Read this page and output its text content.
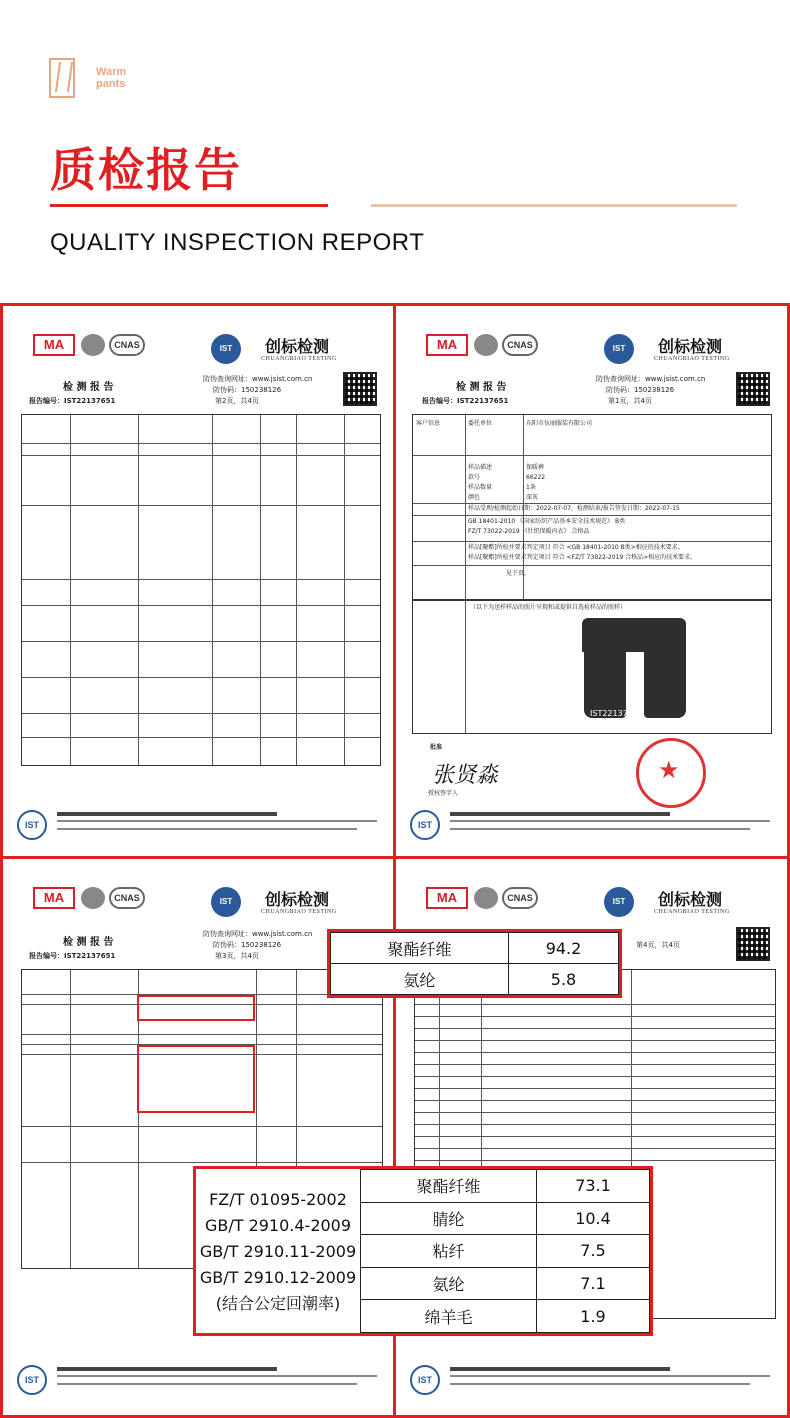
Warm
pants
质检报告
QUALITY INSPECTION REPORT
MA	CNAS	IST	创标检测
CHUANGBIAO TESTING
检 测 报 告
报告编号：IST22137651
防伪查询网址：www.jsist.com.cn
防伪码：150238126
第2页，共4页
IST
MA	CNAS	IST	创标检测
CHUANGBIAO TESTING
检 测 报 告
报告编号：IST22137651
防伪查询网址：www.jsist.com.cn
防伪码：150238126
第1页，共4页
客户信息	委托单位	东阳市伍丽服装有限公司
样品描述	保暖裤
款号	66222
样品数量	1条
颜色	深灰
样品受理/检测起始日期：2022-07-07，检测结束/报告签发日期：2022-07-15
GB 18401-2010 《国家纺织产品基本安全技术规范》 B类
FZ/T 73022-2019 《针织保暖内衣》 合格品
样品[聚酯]所检并要求判定项目 符合 <GB 18401-2010 B类>相应的技术要求。
样品[聚酯]所检并要求判定项目 符合 <FZ/T 73022-2019 合格品>相应的技术要求。
见下页。
（以下为送样样品的照片呈现和或提供自选检样品的照样）
IST22137651
批准
张贤淼
授权签字人
★
IST
MA	CNAS	IST	创标检测
CHUANGBIAO TESTING
检 测 报 告
报告编号：IST22137651
防伪查询网址：www.jsist.com.cn
防伪码：150238126
第3页，共4页
IST
MA	CNAS	IST	创标检测
CHUANGBIAO TESTING
第4页，共4页
IST
聚酯纤维	94.2
氨纶	5.8
FZ/T 01095-2002
GB/T 2910.4-2009
GB/T 2910.11-2009
GB/T 2910.12-2009
(结合公定回潮率)
聚酯纤维	73.1
腈纶	10.4
粘纤	7.5
氨纶	7.1
绵羊毛	1.9
